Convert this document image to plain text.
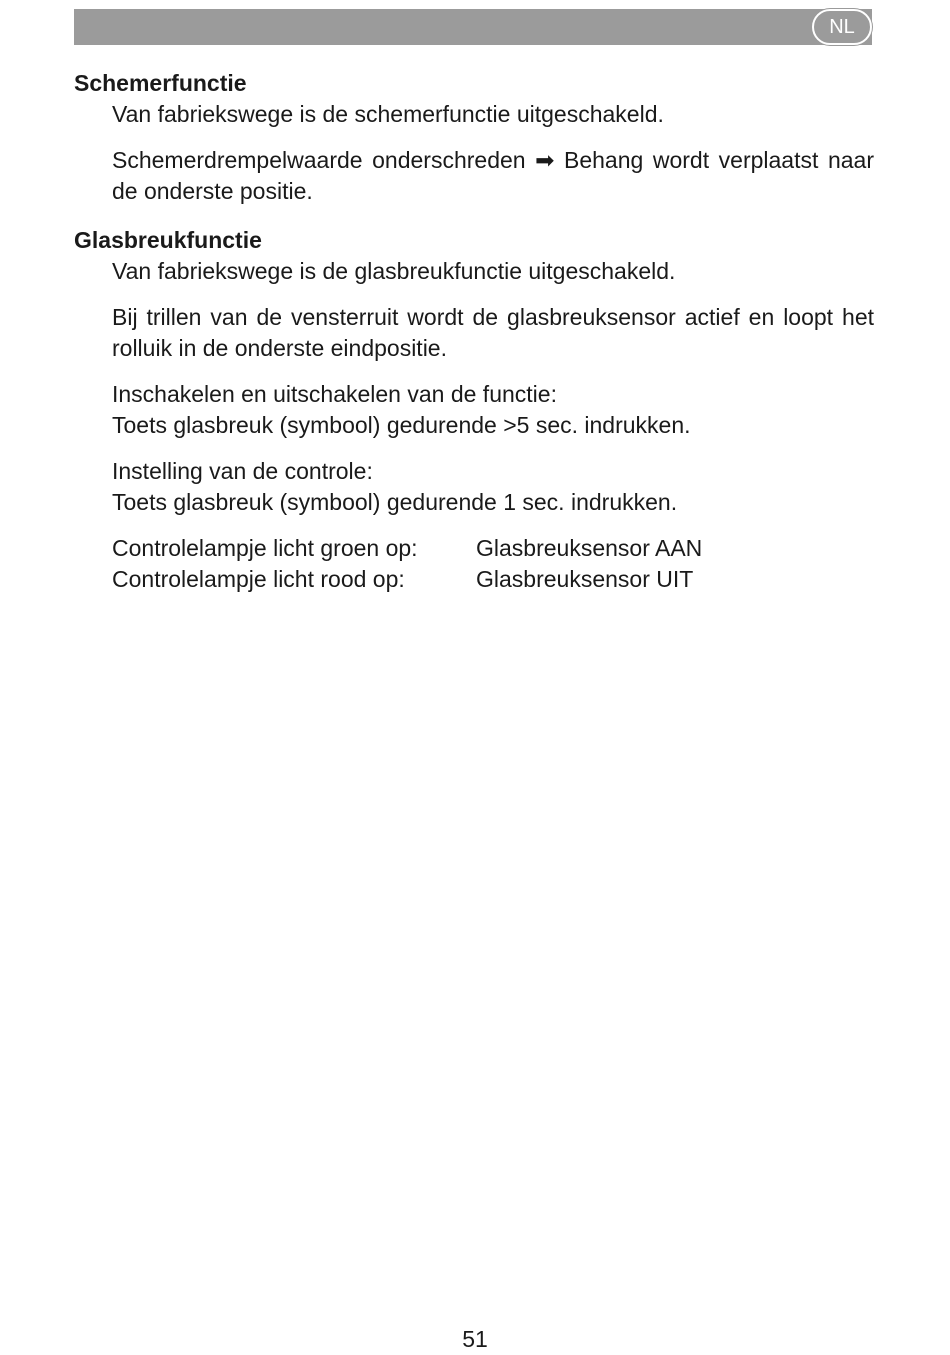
NL
Schemerfunctie

Van fabriekswege is de schemerfunctie uitgeschakeld.

Schemerdrempelwaarde onderschreden ➡ Behang wordt verplaatst naar de onderste positie.

Glasbreukfunctie

Van fabriekswege is de glasbreukfunctie uitgeschakeld.

Bij trillen van de vensterruit wordt de glasbreuksensor actief en loopt het rolluik in de onderste eindpositie.

Inschakelen en uitschakelen van de functie:

Toets glasbreuk (symbool) gedurende >5 sec. indrukken.

Instelling van de controle:

Toets glasbreuk (symbool) gedurende 1 sec. indrukken.

Controlelampje licht groen op:	Glasbreuksensor AAN
Controlelampje licht rood op:	Glasbreuksensor UIT
51
